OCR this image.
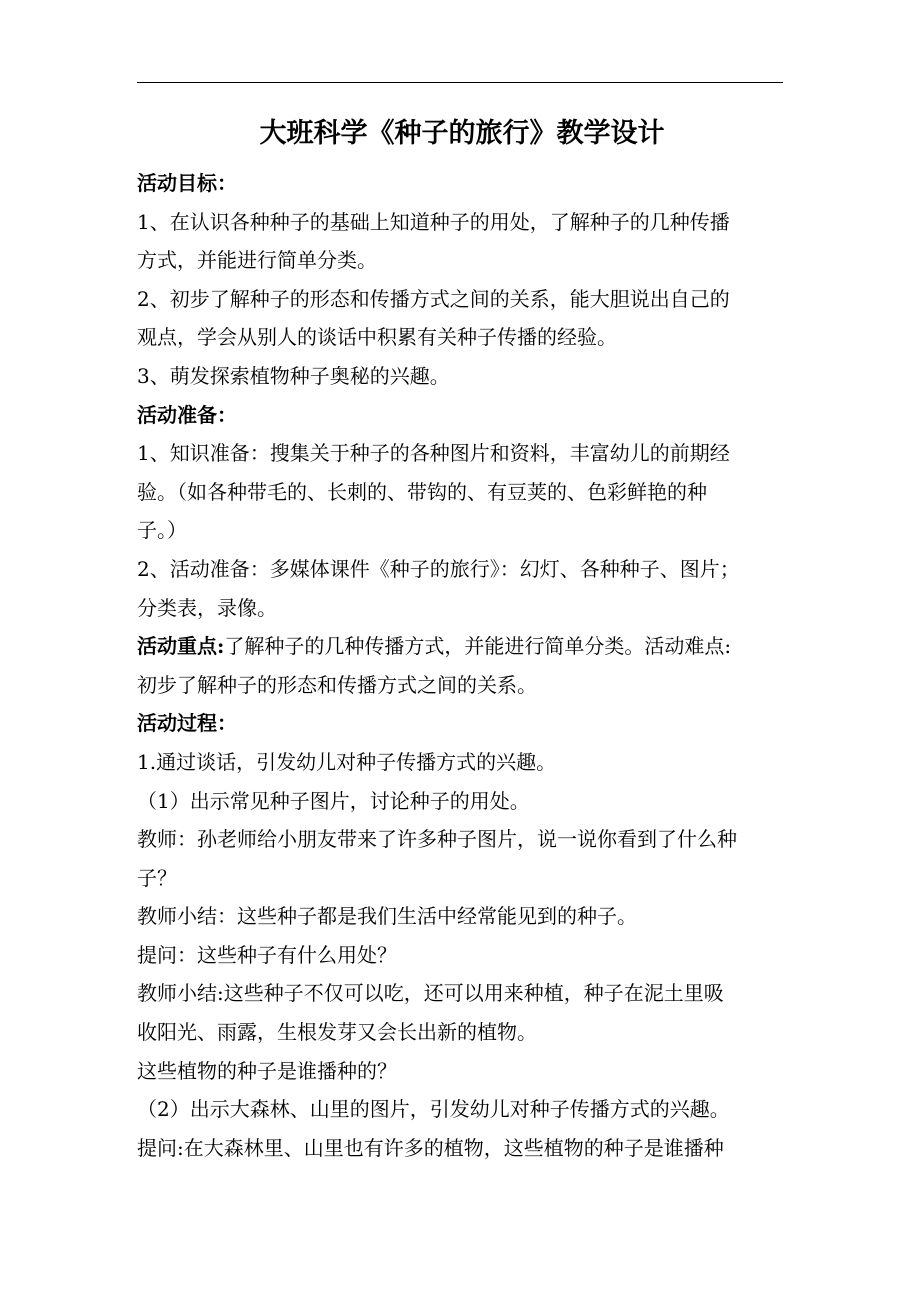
大班科学《种子的旅行》教学设计

活动目标：

1、在认识各种种子的基础上知道种子的用处，了解种子的几种传播

方式，并能进行简单分类。

2、初步了解种子的形态和传播方式之间的关系，能大胆说出自己的

观点，学会从别人的谈话中积累有关种子传播的经验。

3、萌发探索植物种子奥秘的兴趣。

活动准备：

1、知识准备：搜集关于种子的各种图片和资料，丰富幼儿的前期经

验。（如各种带毛的、长刺的、带钩的、有豆荚的、色彩鲜艳的种

子。）

2、活动准备：多媒体课件《种子的旅行》：幻灯、各种种子、图片；

分类表，录像。

活动重点:了解种子的几种传播方式，并能进行简单分类。活动难点:

初步了解种子的形态和传播方式之间的关系。

活动过程：

1.通过谈话，引发幼儿对种子传播方式的兴趣。

（1）出示常见种子图片，讨论种子的用处。

教师：孙老师给小朋友带来了许多种子图片，说一说你看到了什么种

子？

教师小结：这些种子都是我们生活中经常能见到的种子。

提问：这些种子有什么用处？

教师小结:这些种子不仅可以吃，还可以用来种植，种子在泥土里吸

收阳光、雨露，生根发芽又会长出新的植物。

这些植物的种子是谁播种的？

（2）出示大森林、山里的图片，引发幼儿对种子传播方式的兴趣。

提问:在大森林里、山里也有许多的植物，这些植物的种子是谁播种
